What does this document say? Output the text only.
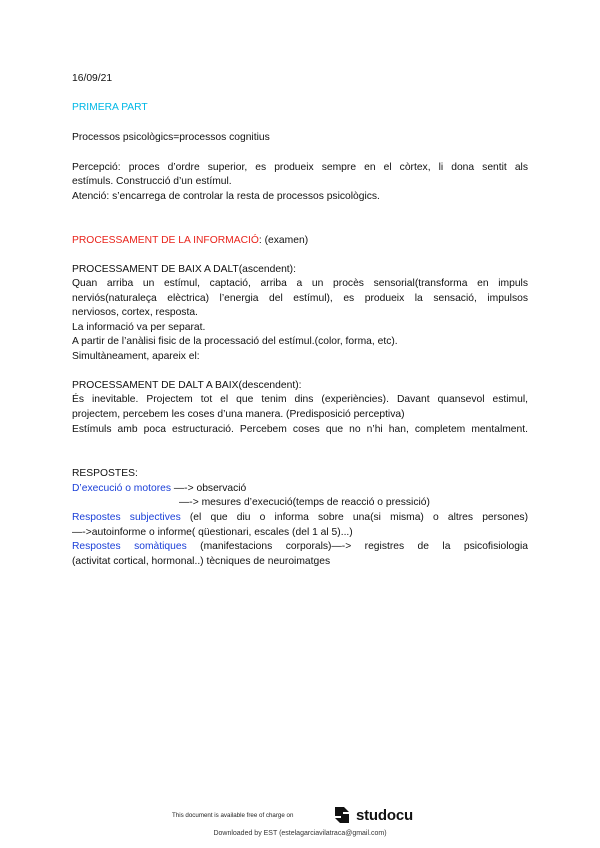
16/09/21
PRIMERA PART
Processos psicològics=processos cognitius
Percepció: proces d’ordre superior, es produeix sempre en el còrtex, li dona sentit als
estímuls. Construcció d’un estímul.
Atenció: s’encarrega de controlar la resta de processos psicològics.
PROCESSAMENT DE LA INFORMACIÓ: (examen)
PROCESSAMENT DE BAIX A DALT(ascendent):
Quan arriba un estímul, captació, arriba a un procès sensorial(transforma en impuls
nerviós(naturaleça elèctrica) l’energia del estímul), es produeix la sensació, impulsos
nerviosos, cortex, resposta.
La informació va per separat.
A partir de l’anàlisi fisic de la processació del estímul.(color, forma, etc).
Simultàneament, apareix el:
PROCESSAMENT DE DALT A BAIX(descendent):
És inevitable. Projectem tot el que tenim dins (experiències). Davant quansevol estimul,
projectem, percebem les coses d’una manera. (Predisposició perceptiva)
Estímuls amb poca estructuració. Percebem coses que no n’hi han, completem mentalment.
RESPOSTES:
D’execució o motores —-> observació
—-> mesures d’execució(temps de reacció o pressició)
Respostes subjectives (el que diu o informa sobre una(si misma) o altres persones)
—->autoinforme o informe( qüestionari, escales (del 1 al 5)...)
Respostes somàtiques (manifestacions corporals)—-> registres de la psicofisiologia
(activitat cortical, hormonal..) tècniques de neuroimatges
This document is available free of charge on	studocu
Downloaded by EST (estelagarciavilatraca@gmail.com)
